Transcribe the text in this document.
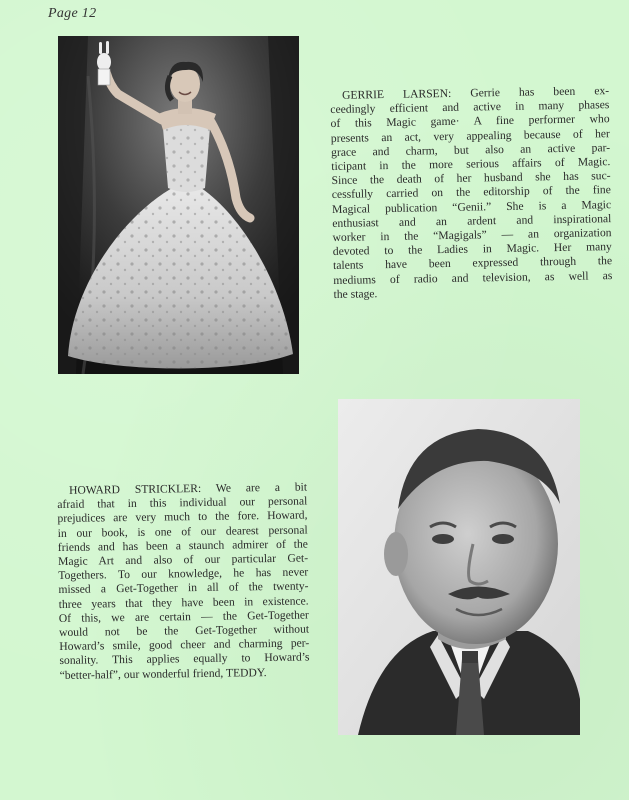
Page 12
GERRIE LARSEN: Gerrie has been ex-
ceedingly efficient and active in many phases
of this Magic game· A fine performer who
presents an act, very appealing because of her
grace and charm, but also an active par-
ticipant in the more serious affairs of Magic.
Since the death of her husband she has suc-
cessfully carried on the editorship of the fine
Magical publication “Genii.” She is a Magic
enthusiast and an ardent and inspirational
worker in the “Magigals” — an organization
devoted to the Ladies in Magic. Her many
talents have been expressed through the
mediums of radio and television, as well as
the stage.
HOWARD STRICKLER: We are a bit
afraid that in this individual our personal
prejudices are very much to the fore. Howard,
in our book, is one of our dearest personal
friends and has been a staunch admirer of the
Magic Art and also of our particular Get-
Togethers. To our knowledge, he has never
missed a Get-Together in all of the twenty-
three years that they have been in existence.
Of this, we are certain — the Get-Together
would not be the Get-Together without
Howard’s smile, good cheer and charming per-
sonality. This applies equally to Howard’s
“better-half”, our wonderful friend, TEDDY.
